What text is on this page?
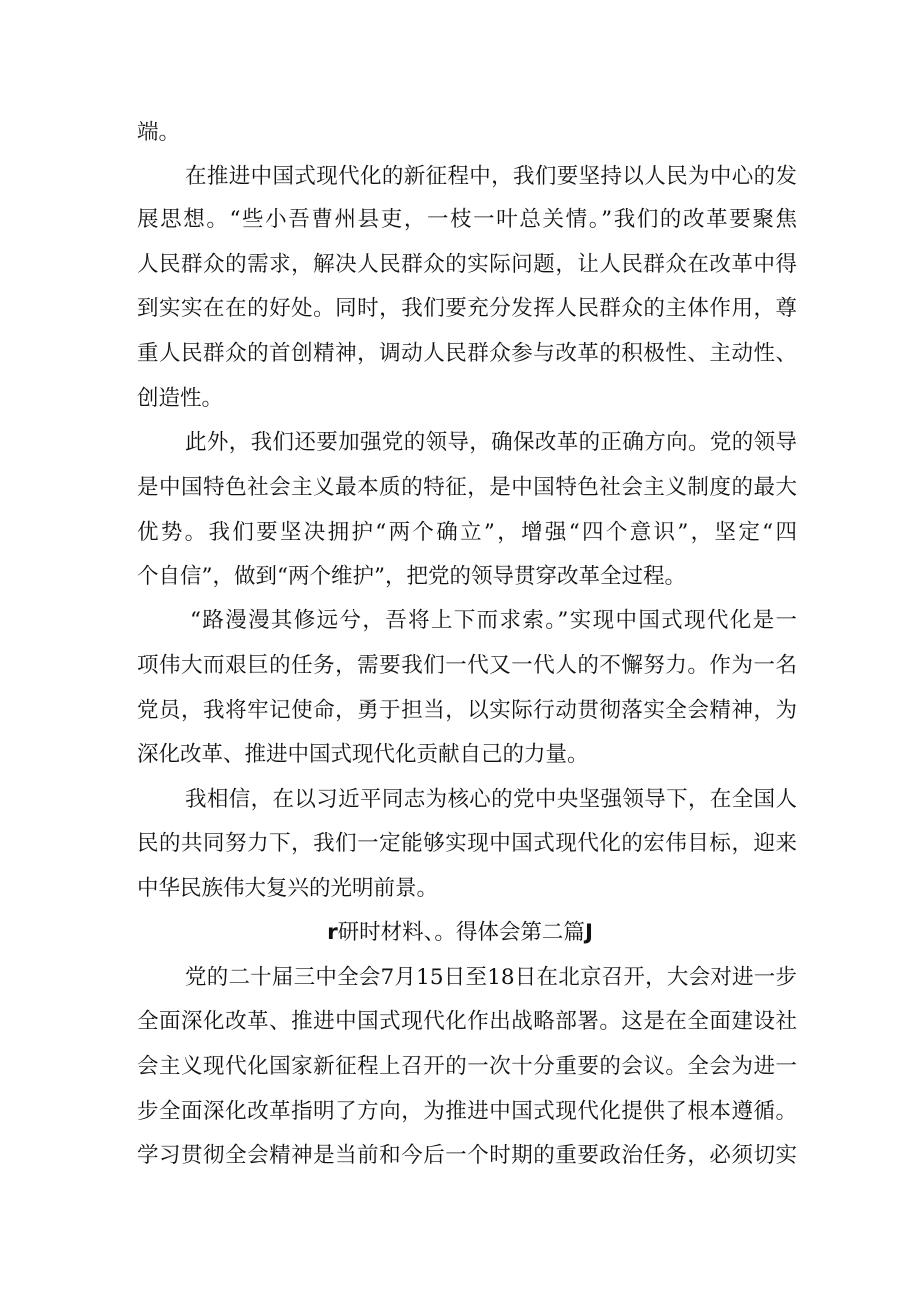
端。
在推进中国式现代化的新征程中，我们要坚持以人民为中心的发
展思想。“些小吾曹州县吏，一枝一叶总关情。”我们的改革要聚焦
人民群众的需求，解决人民群众的实际问题，让人民群众在改革中得
到实实在在的好处。同时，我们要充分发挥人民群众的主体作用，尊
重人民群众的首创精神，调动人民群众参与改革的积极性、主动性、
创造性。
此外，我们还要加强党的领导，确保改革的正确方向。党的领导
是中国特色社会主义最本质的特征，是中国特色社会主义制度的最大
优势。我们要坚决拥护“两个确立”，增强“四个意识”，坚定“四
个自信”，做到“两个维护”，把党的领导贯穿改革全过程。
“路漫漫其修远兮，吾将上下而求索。”实现中国式现代化是一
项伟大而艰巨的任务，需要我们一代又一代人的不懈努力。作为一名
党员，我将牢记使命，勇于担当，以实际行动贯彻落实全会精神，为
深化改革、推进中国式现代化贡献自己的力量。
我相信，在以习近平同志为核心的党中央坚强领导下，在全国人
民的共同努力下，我们一定能够实现中国式现代化的宏伟目标，迎来
中华民族伟大复兴的光明前景。
r研时材料、。得体会第二篇J
党的二十届三中全会7月15日至18日在北京召开，大会对进一步
全面深化改革、推进中国式现代化作出战略部署。这是在全面建设社
会主义现代化国家新征程上召开的一次十分重要的会议。全会为进一
步全面深化改革指明了方向，为推进中国式现代化提供了根本遵循。
学习贯彻全会精神是当前和今后一个时期的重要政治任务，必须切实
